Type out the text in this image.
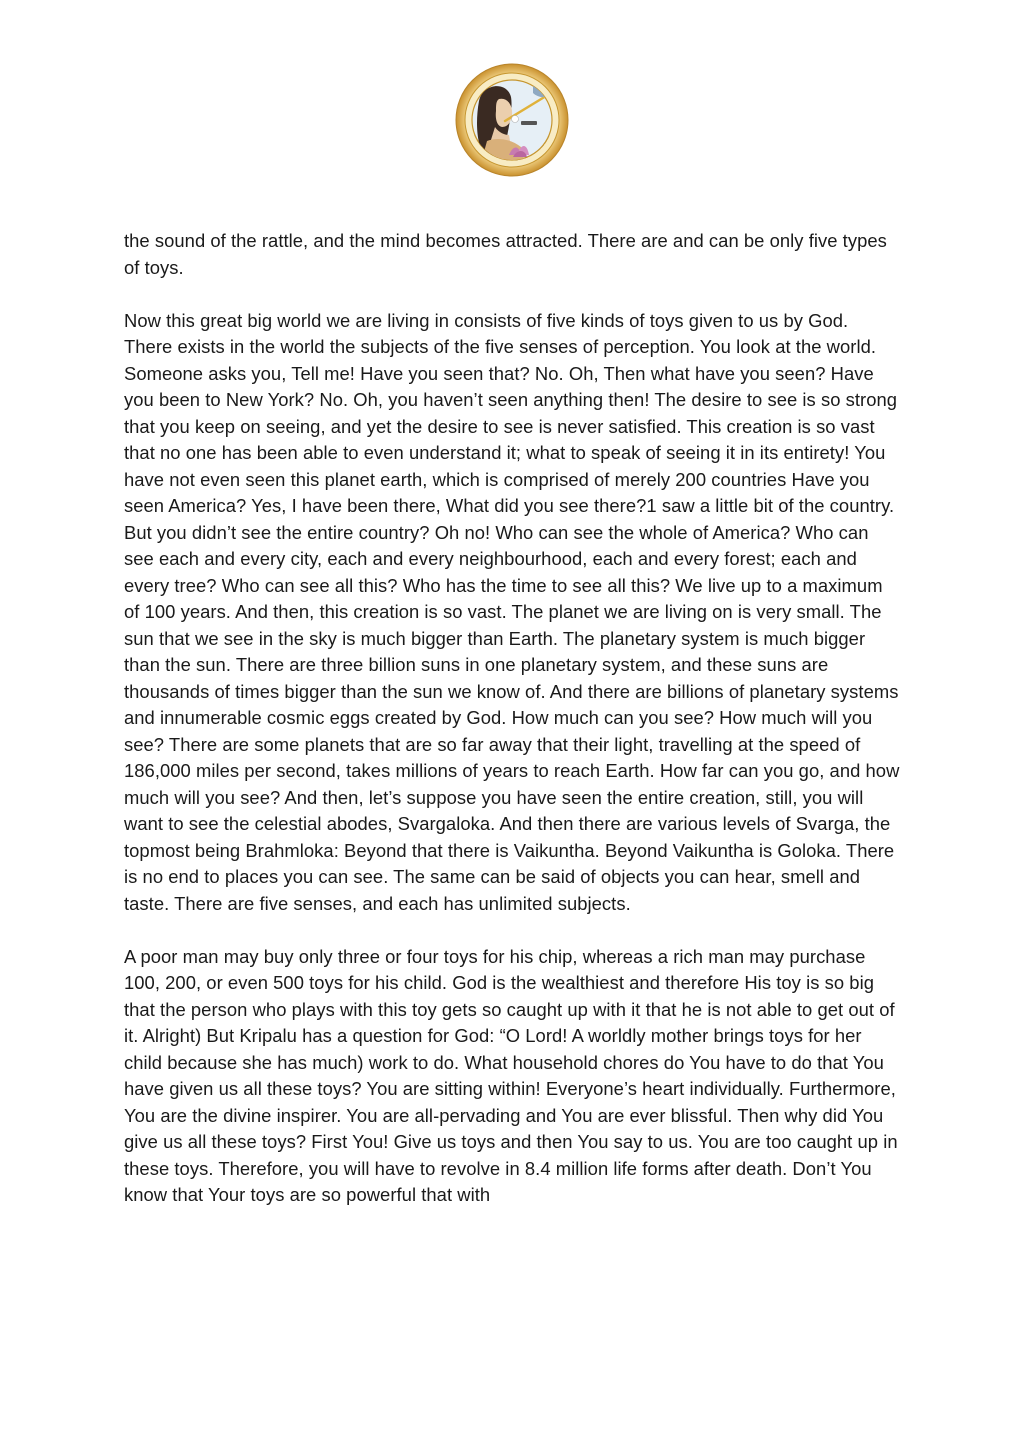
the sound of the rattle, and the mind becomes attracted. There are and can be only five types of toys.

Now this great big world we are living in consists of five kinds of toys given to us by God. There exists in the world the subjects of the five senses of perception. You look at the world. Someone asks you, Tell me! Have you seen that? No. Oh, Then what have you seen? Have you been to New York? No. Oh, you haven’t seen anything then! The desire to see is so strong that you keep on seeing, and yet the desire to see is never satisfied. This creation is so vast that no one has been able to even understand it; what to speak of seeing it in its entirety! You have not even seen this planet earth, which is comprised of merely 200 countries Have you seen America? Yes, I have been there, What did you see there?1 saw a little bit of the country. But you didn’t see the entire country? Oh no! Who can see the whole of America? Who can see each and every city, each and every neighbourhood, each and every forest; each and every tree? Who can see all this? Who has the time to see all this? We live up to a maximum of 100 years. And then, this creation is so vast. The planet we are living on is very small. The sun that we see in the sky is much bigger than Earth. The planetary system is much bigger than the sun. There are three billion suns in one planetary system, and these suns are thousands of times bigger than the sun we know of. And there are billions of planetary systems and innumerable cosmic eggs created by God. How much can you see? How much will you see? There are some planets that are so far away that their light, travelling at the speed of 186,000 miles per second, takes millions of years to reach Earth. How far can you go, and how much will you see? And then, let’s suppose you have seen the entire creation, still, you will want to see the celestial abodes, Svargaloka. And then there are various levels of Svarga, the topmost being Brahmloka: Beyond that there is Vaikuntha. Beyond Vaikuntha is Goloka. There is no end to places you can see. The same can be said of objects you can hear, smell and taste. There are five senses, and each has unlimited subjects.

A poor man may buy only three or four toys for his chip, whereas a rich man may purchase 100, 200, or even 500 toys for his child. God is the wealthiest and therefore His toy is so big that the person who plays with this toy gets so caught up with it that he is not able to get out of it. Alright) But Kripalu has a question for God: “O Lord! A worldly mother brings toys for her child because she has much) work to do. What household chores do You have to do that You have given us all these toys? You are sitting within! Everyone’s heart individually. Furthermore, You are the divine inspirer. You are all-pervading and You are ever blissful. Then why did You give us all these toys? First You! Give us toys and then You say to us. You are too caught up in these toys. Therefore, you will have to revolve in 8.4 million life forms after death. Don’t You know that Your toys are so powerful that with
